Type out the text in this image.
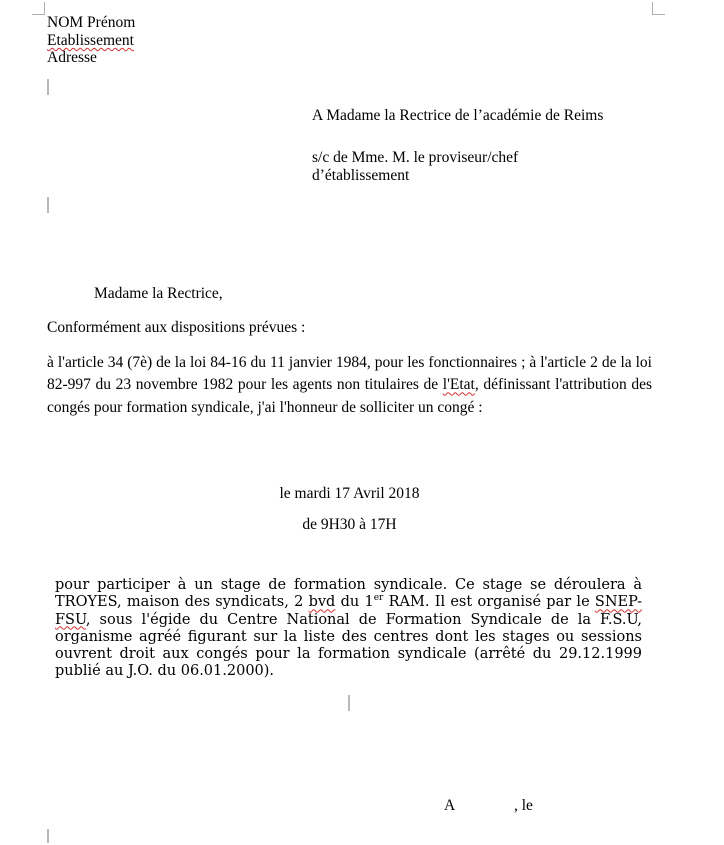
NOM Prénom
Etablissement
Adresse
A Madame la Rectrice de l’académie de Reims
s/c de Mme. M. le proviseur/chef
d’établissement
Madame la Rectrice,
Conformément aux dispositions prévues :
à l'article 34 (7è) de la loi 84-16 du 11 janvier 1984, pour les fonctionnaires ; à l'article 2 de la loi 82-997 du 23 novembre 1982 pour les agents non titulaires de l'Etat, définissant l'attribution des congés pour formation syndicale, j'ai l'honneur de solliciter un congé :
le mardi 17 Avril 2018
de 9H30 à 17H
pour participer à un stage de formation syndicale. Ce stage se déroulera à TROYES, maison des syndicats, 2 bvd du 1er RAM. Il est organisé par le SNEP-FSU, sous l'égide du Centre National de Formation Syndicale de la F.S.U, organisme agréé figurant sur la liste des centres dont les stages ou sessions ouvrent droit aux congés pour la formation syndicale (arrêté du 29.12.1999 publié au J.O. du 06.01.2000).
A	, le
